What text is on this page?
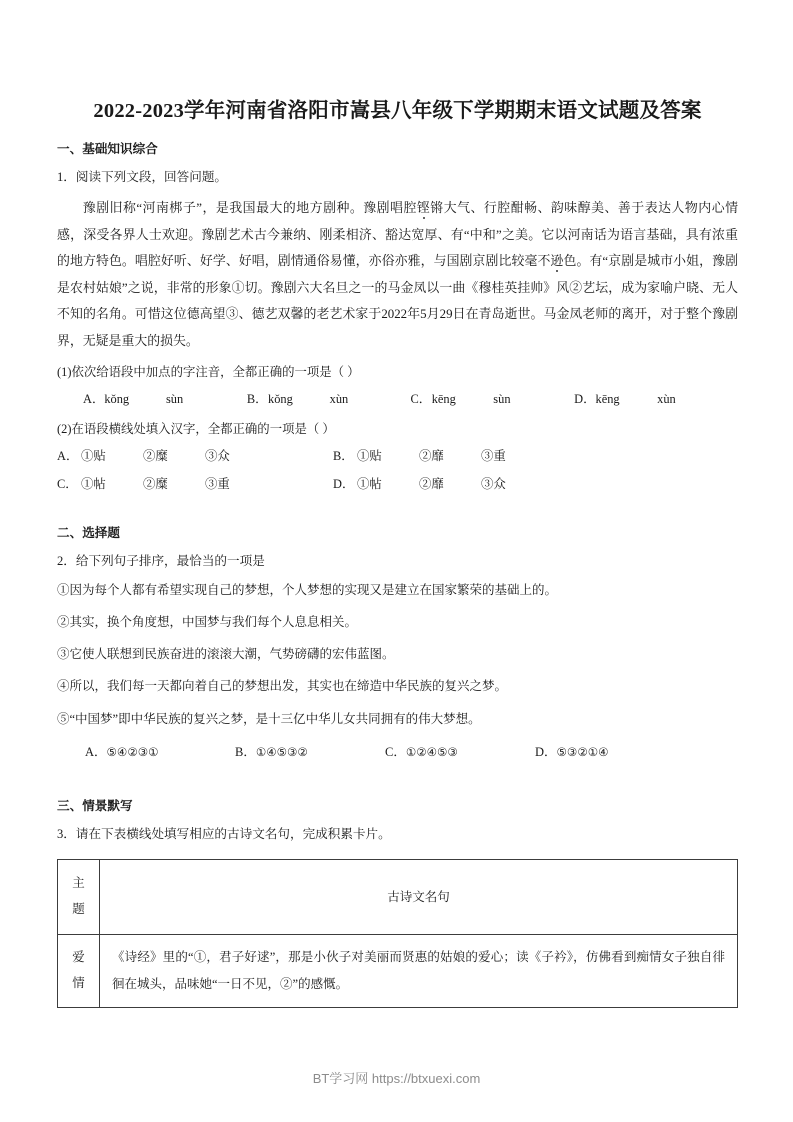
2022-2023学年河南省洛阳市嵩县八年级下学期期末语文试题及答案
一、基础知识综合
1．阅读下列文段，回答问题。

豫剧旧称“河南梆子”，是我国最大的地方剧种。豫剧唱腔铿锵大气、行腔酣畅、韵味醇美、善于表达人物内心情感，深受各界人士欢迎。豫剧艺术古今兼纳、刚柔相济、豁达宽厚、有“中和”之美。它以河南话为语言基础，具有浓重的地方特色。唱腔好听、好学、好唱，剧情通俗易懂，亦俗亦雅，与国剧京剧比较毫不逊色。有“京剧是城市小姐，豫剧是农村姑娘”之说，非常的形象①切。豫剧六大名旦之一的马金凤以一曲《穆桂英挂帅》风②艺坛，成为家喻户晓、无人不知的名角。可惜这位德高望③、德艺双馨的老艺术家于2022年5月29日在青岛逝世。马金凤老师的离开，对于整个豫剧界，无疑是重大的损失。

(1)依次给语段中加点的字注音，全都正确的一项是（ ）
A． kǒng	sùn	B． kǒng	xùn	C． kēng	sùn	D． kēng	xùn
(2)在语段横线处填入汉字，全都正确的一项是（ ）
A． ①贴	②糜	③众	B． ①贴	②靡	③重
C． ①帖	②糜	③重	D． ①帖	②靡	③众
二、选择题
2．给下列句子排序，最恰当的一项是
①因为每个人都有希望实现自己的梦想，个人梦想的实现又是建立在国家繁荣的基础上的。
②其实，换个角度想，中国梦与我们每个人息息相关。
③它使人联想到民族奋进的滚滚大潮，气势磅礴的宏伟蓝图。
④所以，我们每一天都向着自己的梦想出发，其实也在缔造中华民族的复兴之梦。
⑤“中国梦”即中华民族的复兴之梦，是十三亿中华儿女共同拥有的伟大梦想。
A．⑤④②③①	B．①④⑤③②	C．①②④⑤③	D．⑤③②①④
三、情景默写
3．请在下表横线处填写相应的古诗文名句，完成积累卡片。
主
题	古诗文名句

爱
情	《诗经》里的“①，君子好逑”，那是小伙子对美丽而贤惠的姑娘的爱心；读《子衿》，仿佛看到痴情女子独自徘徊在城头，品味她“一日不见，②”的感慨。
BT学习网 https://btxuexi.com
